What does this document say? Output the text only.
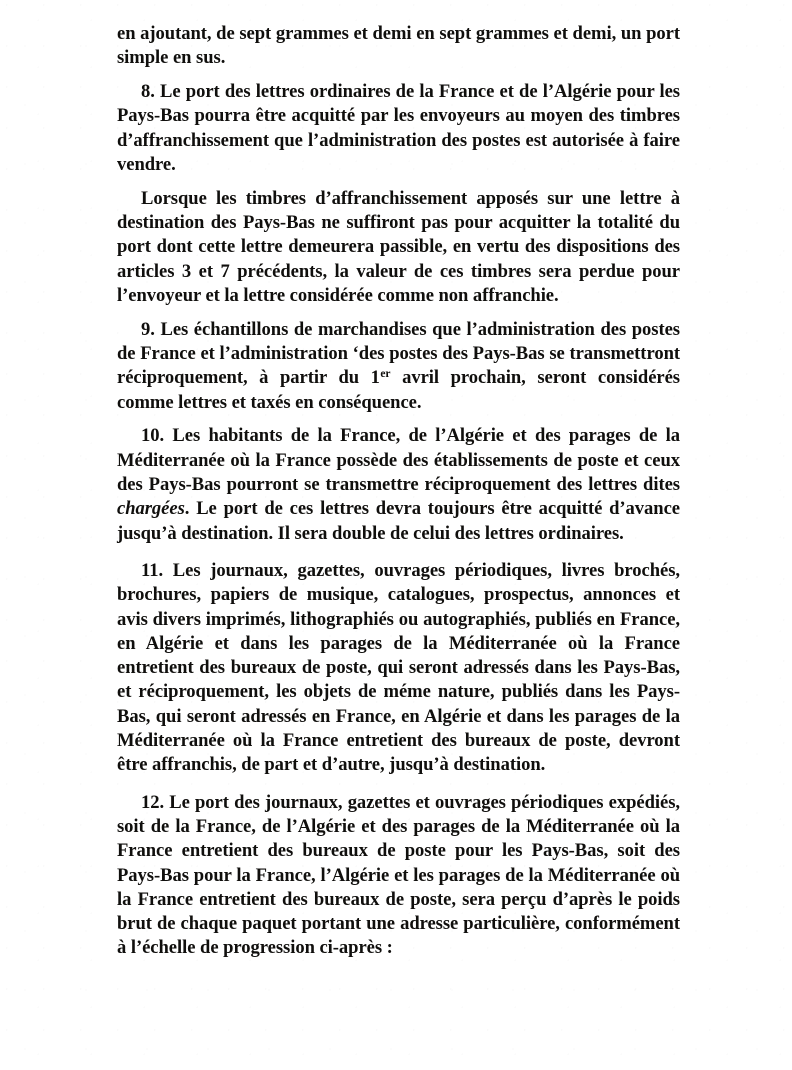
en ajoutant, de sept grammes et demi en sept grammes et demi, un port simple en sus.

8. Le port des lettres ordinaires de la France et de l’Algérie pour les Pays-Bas pourra être acquitté par les envoyeurs au moyen des timbres d’affranchissement que l’administration des postes est autorisée à faire vendre.

Lorsque les timbres d’affranchissement apposés sur une lettre à destination des Pays-Bas ne suffiront pas pour acquitter la totalité du port dont cette lettre demeurera passible, en vertu des dispositions des articles 3 et 7 précédents, la valeur de ces timbres sera perdue pour l’envoyeur et la lettre considérée comme non affranchie.

9. Les échantillons de marchandises que l’administration des postes de France et l’administration ‘des postes des Pays-Bas se transmettront réciproquement, à partir du 1er avril prochain, seront considérés comme lettres et taxés en conséquence.

10. Les habitants de la France, de l’Algérie et des parages de la Méditerranée où la France possède des établissements de poste et ceux des Pays-Bas pourront se transmettre réciproquement des lettres dites chargées. Le port de ces lettres devra toujours être acquitté d’avance jusqu’à destination. Il sera double de celui des lettres ordinaires.

11. Les journaux, gazettes, ouvrages périodiques, livres brochés, brochures, papiers de musique, catalogues, prospectus, annonces et avis divers imprimés, lithographiés ou autographiés, publiés en France, en Algérie et dans les parages de la Méditerranée où la France entretient des bureaux de poste, qui seront adressés dans les Pays-Bas, et réciproquement, les objets de méme nature, publiés dans les Pays-Bas, qui seront adressés en France, en Algérie et dans les parages de la Méditerranée où la France entretient des bureaux de poste, devront être affranchis, de part et d’autre, jusqu’à destination.

12. Le port des journaux, gazettes et ouvrages périodiques expédiés, soit de la France, de l’Algérie et des parages de la Méditerranée où la France entretient des bureaux de poste pour les Pays-Bas, soit des Pays-Bas pour la France, l’Algérie et les parages de la Méditerranée où la France entretient des bureaux de poste, sera perçu d’après le poids brut de chaque paquet portant une adresse particulière, conformément à l’échelle de progression ci-après :
